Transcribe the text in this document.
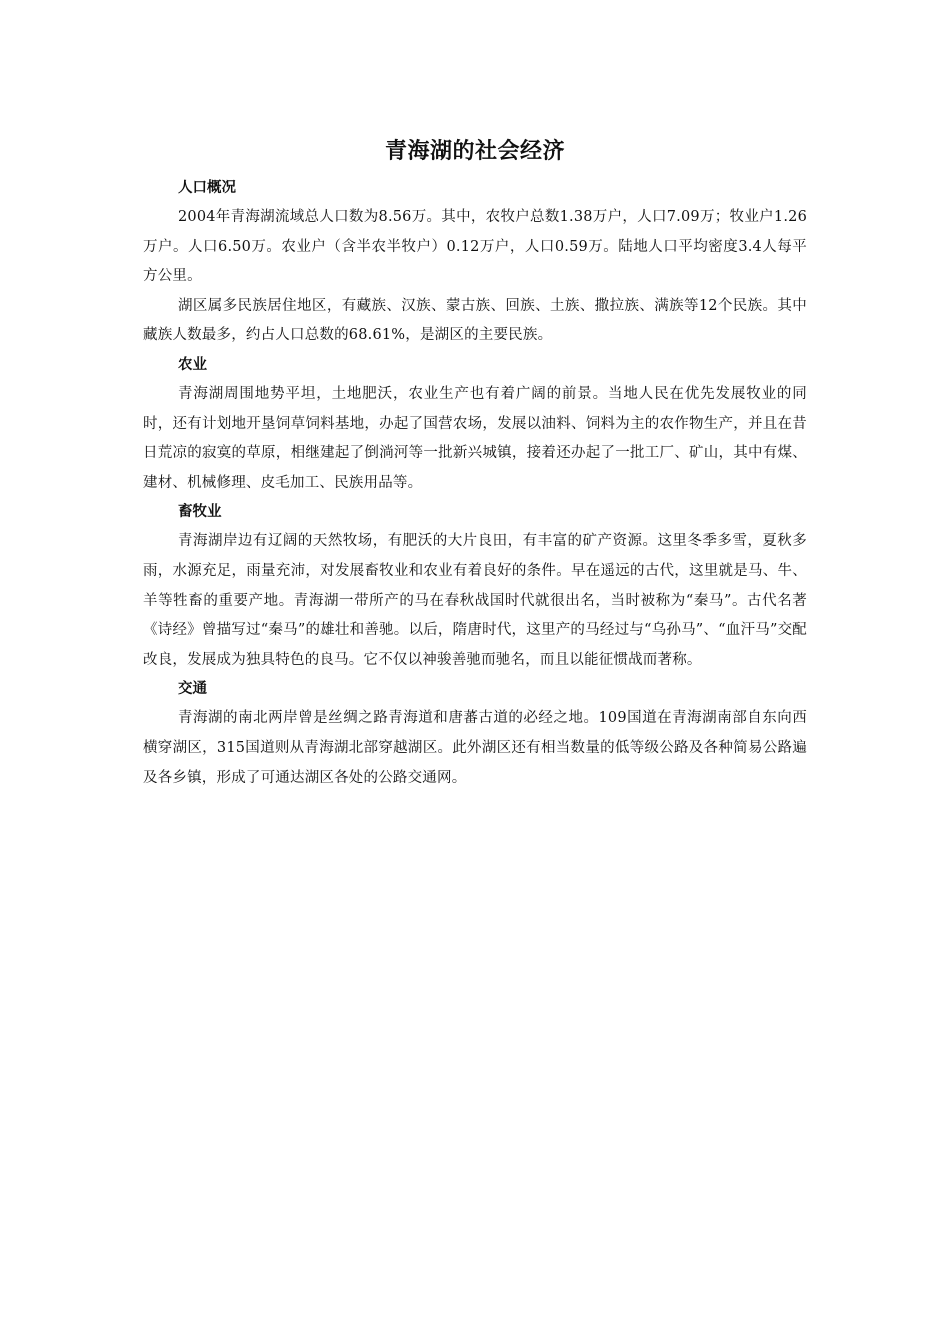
青海湖的社会经济
人口概况

2004年青海湖流域总人口数为8.56万。其中，农牧户总数1.38万户，人口7.09万；牧业户1.26万户。人口6.50万。农业户（含半农半牧户）0.12万户，人口0.59万。陆地人口平均密度3.4人每平方公里。

湖区属多民族居住地区，有藏族、汉族、蒙古族、回族、土族、撒拉族、满族等12个民族。其中藏族人数最多，约占人口总数的68.61%，是湖区的主要民族。

农业

青海湖周围地势平坦，土地肥沃，农业生产也有着广阔的前景。当地人民在优先发展牧业的同时，还有计划地开垦饲草饲料基地，办起了国营农场，发展以油料、饲料为主的农作物生产，并且在昔日荒凉的寂寞的草原，相继建起了倒淌河等一批新兴城镇，接着还办起了一批工厂、矿山，其中有煤、建材、机械修理、皮毛加工、民族用品等。

畜牧业

青海湖岸边有辽阔的天然牧场，有肥沃的大片良田，有丰富的矿产资源。这里冬季多雪，夏秋多雨，水源充足，雨量充沛，对发展畜牧业和农业有着良好的条件。早在遥远的古代，这里就是马、牛、羊等牲畜的重要产地。青海湖一带所产的马在春秋战国时代就很出名，当时被称为“秦马”。古代名著《诗经》曾描写过“秦马”的雄壮和善驰。以后，隋唐时代，这里产的马经过与“乌孙马”、“血汗马”交配改良，发展成为独具特色的良马。它不仅以神骏善驰而驰名，而且以能征惯战而著称。

交通

青海湖的南北两岸曾是丝绸之路青海道和唐蕃古道的必经之地。109国道在青海湖南部自东向西横穿湖区，315国道则从青海湖北部穿越湖区。此外湖区还有相当数量的低等级公路及各种简易公路遍及各乡镇，形成了可通达湖区各处的公路交通网。
